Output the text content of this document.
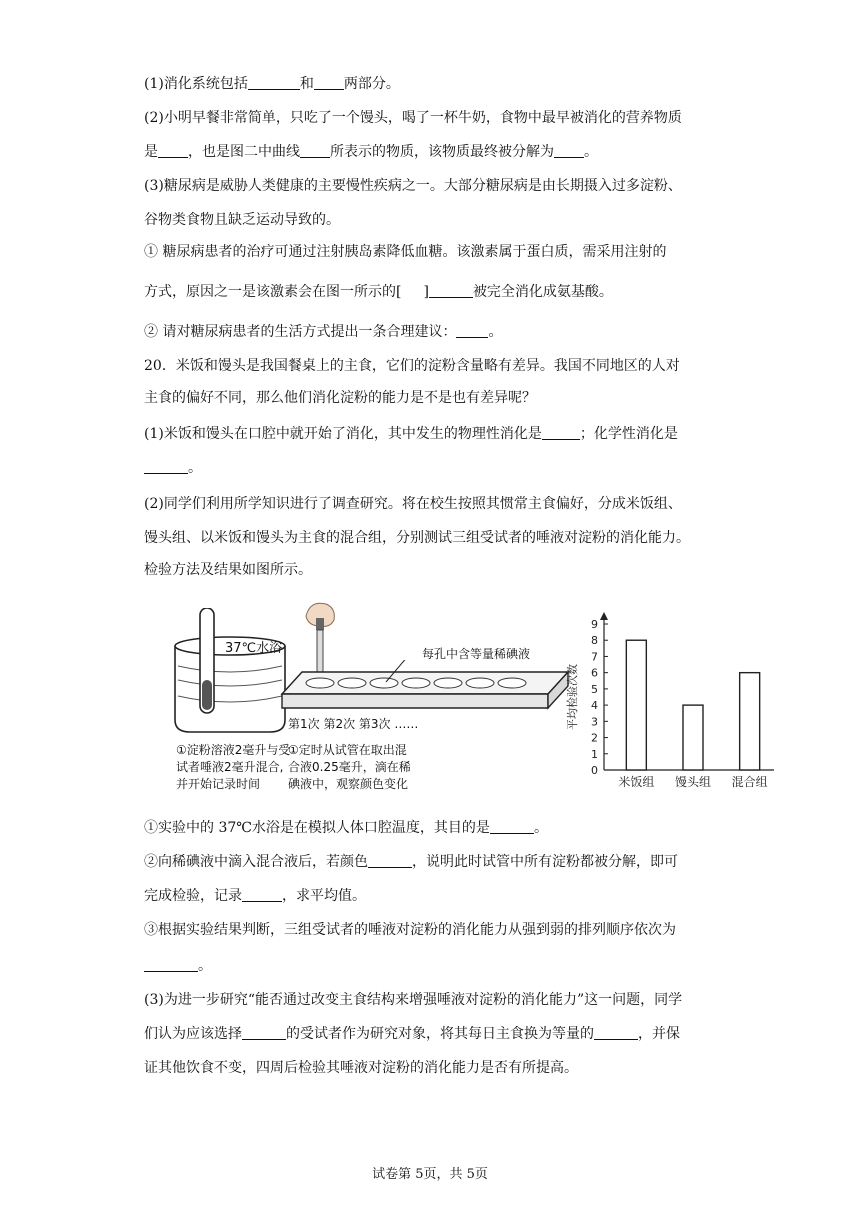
(1)消化系统包括	和 两部分。
(2)小明早餐非常简单，只吃了一个馒头，喝了一杯牛奶，食物中最早被消化的营养物质
是 ，也是图二中曲线 所表示的物质，该物质最终被分解为 。
(3)糖尿病是威胁人类健康的主要慢性疾病之一。大部分糖尿病是由长期摄入过多淀粉、
谷物类食物且缺乏运动导致的。
① 糖尿病患者的治疗可通过注射胰岛素降低血糖。该激素属于蛋白质，需采用注射的
方式，原因之一是该激素会在图一所示的[ ]	被完全消化成氨基酸。
② 请对糖尿病患者的生活方式提出一条合理建议： 。
20．米饭和馒头是我国餐桌上的主食，它们的淀粉含量略有差异。我国不同地区的人对
主食的偏好不同，那么他们消化淀粉的能力是不是也有差异呢？
(1)米饭和馒头在口腔中就开始了消化，其中发生的物理性消化是	；化学性消化是
。
(2)同学们利用所学知识进行了调查研究。将在校生按照其惯常主食偏好，分成米饭组、
馒头组、以米饭和馒头为主食的混合组，分别测试三组受试者的唾液对淀粉的消化能力。
检验方法及结果如图所示。
37℃水浴	每孔中含等量稀碘液
第1次 第2次 第3次 ……
①淀粉溶液2毫升与受
试者唾液2毫升混合,
并开始记录时间
①定时从试管在取出混
合液0.25毫升，滴在稀
碘液中，观察颜色变化
0
1
2
3
4
5
6
7
8
9
平均检验次数
米饭组 馒头组 混合组
①实验中的 37℃水浴是在模拟人体口腔温度，其目的是	。
②向稀碘液中滴入混合液后，若颜色	，说明此时试管中所有淀粉都被分解，即可
完成检验，记录	，求平均值。
③根据实验结果判断，三组受试者的唾液对淀粉的消化能力从强到弱的排列顺序依次为
。
(3)为进一步研究“能否通过改变主食结构来增强唾液对淀粉的消化能力”这一问题，同学
们认为应该选择	的受试者作为研究对象，将其每日主食换为等量的	，并保
证其他饮食不变，四周后检验其唾液对淀粉的消化能力是否有所提高。
试卷第 5页，共 5页
